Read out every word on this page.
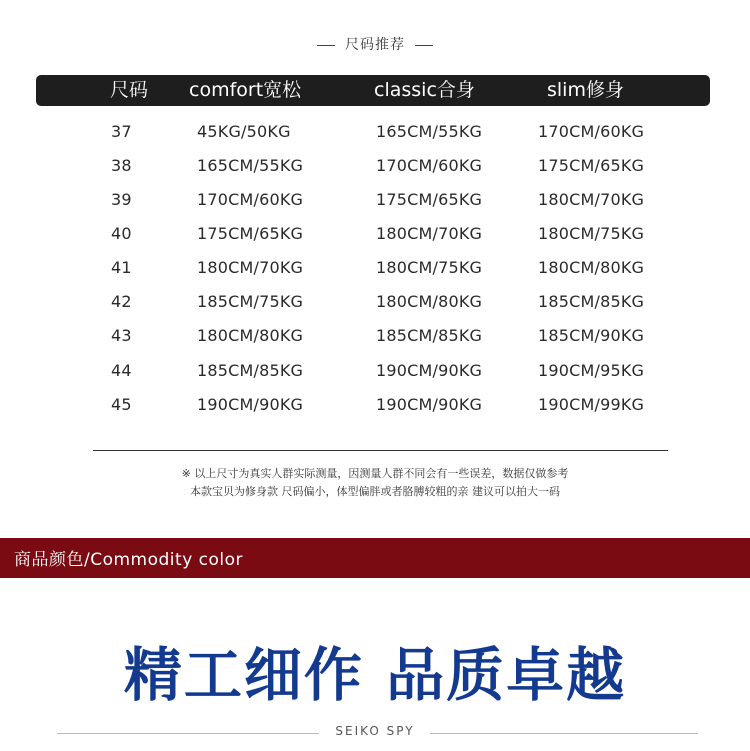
尺码推荐
尺码 comfort宽松	classic合身	slim修身
37	45KG/50KG	165CM/55KG	170CM/60KG
38	165CM/55KG	170CM/60KG	175CM/65KG
39	170CM/60KG	175CM/65KG	180CM/70KG
40	175CM/65KG	180CM/70KG	180CM/75KG
41	180CM/70KG	180CM/75KG	180CM/80KG
42	185CM/75KG	180CM/80KG	185CM/85KG
43	180CM/80KG	185CM/85KG	185CM/90KG
44	185CM/85KG	190CM/90KG	190CM/95KG
45	190CM/90KG	190CM/90KG	190CM/99KG
※ 以上尺寸为真实人群实际测量，因测量人群不同会有一些误差，数据仅做参考
本款宝贝为修身款 尺码偏小，体型偏胖或者胳膊较粗的亲 建议可以拍大一码
商品颜色/Commodity color
精工细作 品质卓越
SEIKO SPY
